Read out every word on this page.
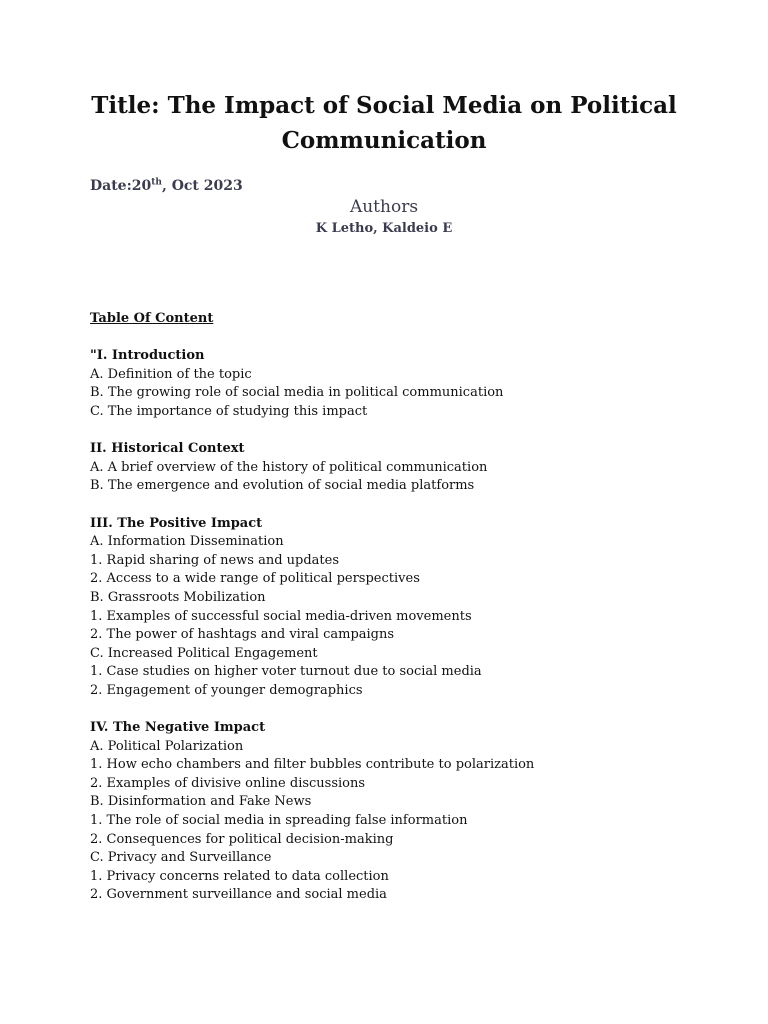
Title: The Impact of Social Media on Political Communication
Date:20th, Oct 2023
Authors
K Letho, Kaldeio E
Table Of Content
"I. Introduction
A. Definition of the topic
B. The growing role of social media in political communication
C. The importance of studying this impact
II. Historical Context
A. A brief overview of the history of political communication
B. The emergence and evolution of social media platforms
III. The Positive Impact
A. Information Dissemination
1. Rapid sharing of news and updates
2. Access to a wide range of political perspectives
B. Grassroots Mobilization
1. Examples of successful social media-driven movements
2. The power of hashtags and viral campaigns
C. Increased Political Engagement
1. Case studies on higher voter turnout due to social media
2. Engagement of younger demographics
IV. The Negative Impact
A. Political Polarization
1. How echo chambers and filter bubbles contribute to polarization
2. Examples of divisive online discussions
B. Disinformation and Fake News
1. The role of social media in spreading false information
2. Consequences for political decision-making
C. Privacy and Surveillance
1. Privacy concerns related to data collection
2. Government surveillance and social media
